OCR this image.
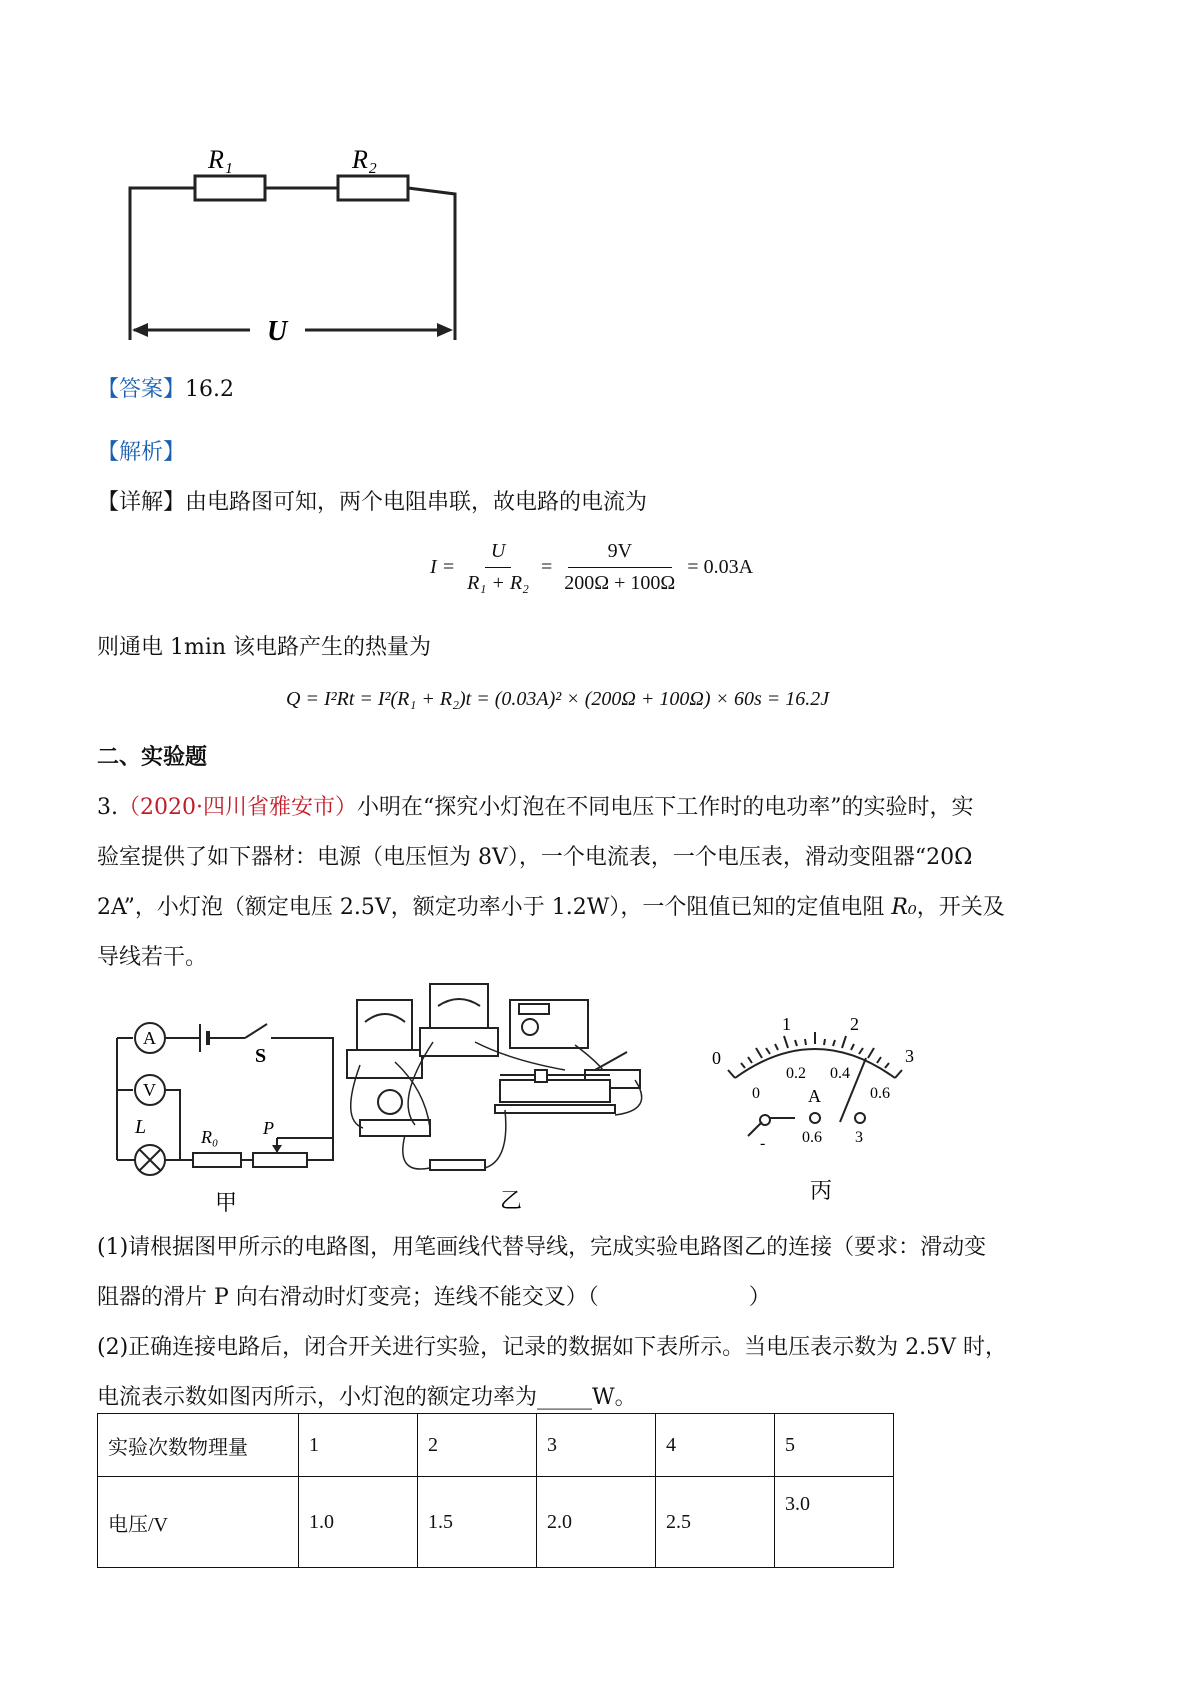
R₁	R₂
U
【答案】16.2
【解析】
【详解】由电路图可知，两个电阻串联，故电路的电流为
$I = \frac{U}{\text{R₁ + R₂}} = \frac{9V}{200\Omega + 100\Omega} = 0.03A$
则通电 1min 该电路产生的热量为
Q = I²Rt = I²(R₁ + R₂)t = (0.03A)² × (200Ω + 100Ω) × 60s = 16.2J
二、实验题
3.（2020·四川省雅安市）小明在“探究小灯泡在不同电压下工作时的电功率”的实验时，实
验室提供了如下器材：电源（电压恒为 8V），一个电流表，一个电压表，滑动变阻器“20Ω
2A”，小灯泡（额定电压 2.5V，额定功率小于 1.2W），一个阻值已知的定值电阻 R₀，开关及
导线若干。
A
V
S
L	R₀ P
甲	乙
0
1	2
3
0
0.2 0.4
0.6
A
- 0.6 3
丙
(1)请根据图甲所示的电路图，用笔画线代替导线，完成实验电路图乙的连接（要求：滑动变
阻器的滑片 P 向右滑动时灯变亮；连线不能交叉）（	）
(2)正确连接电路后，闭合开关进行实验，记录的数据如下表所示。当电压表示数为 2.5V 时，
电流表示数如图丙所示，小灯泡的额定功率为_____W。
实验次数物理量	1	2	3	4	5
电压/V	1.0	1.5	2.0	2.5	3.0
